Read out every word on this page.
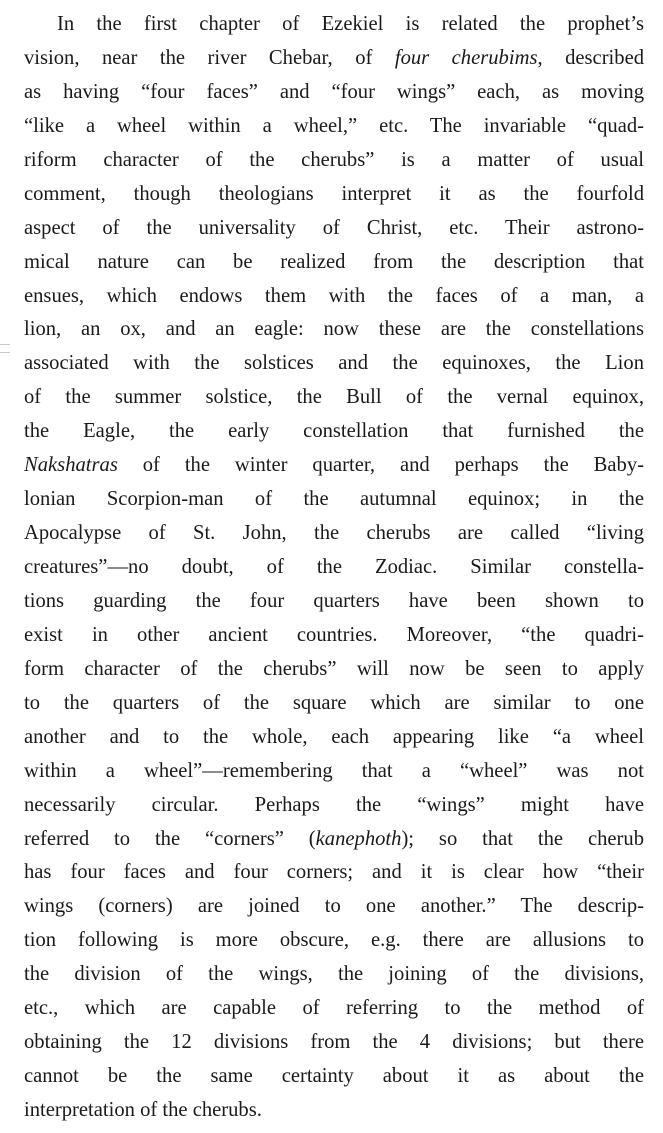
In the first chapter of Ezekiel is related the prophet’s
vision, near the river Chebar, of four cherubims, described
as having “four faces” and “four wings” each, as moving
“like a wheel within a wheel,” etc. The invariable “quad-
riform character of the cherubs” is a matter of usual
comment, though theologians interpret it as the fourfold
aspect of the universality of Christ, etc. Their astrono-
mical nature can be realized from the description that
ensues, which endows them with the faces of a man, a
lion, an ox, and an eagle: now these are the constellations
associated with the solstices and the equinoxes, the Lion
of the summer solstice, the Bull of the vernal equinox,
the Eagle, the early constellation that furnished the
Nakshatras of the winter quarter, and perhaps the Baby-
lonian Scorpion-man of the autumnal equinox; in the
Apocalypse of St. John, the cherubs are called “living
creatures”—no doubt, of the Zodiac. Similar constella-
tions guarding the four quarters have been shown to
exist in other ancient countries. Moreover, “the quadri-
form character of the cherubs” will now be seen to apply
to the quarters of the square which are similar to one
another and to the whole, each appearing like “a wheel
within a wheel”—remembering that a “wheel” was not
necessarily circular. Perhaps the “wings” might have
referred to the “corners” (kanephoth); so that the cherub
has four faces and four corners; and it is clear how “their
wings (corners) are joined to one another.” The descrip-
tion following is more obscure, e.g. there are allusions to
the division of the wings, the joining of the divisions,
etc., which are capable of referring to the method of
obtaining the 12 divisions from the 4 divisions; but there
cannot be the same certainty about it as about the
interpretation of the cherubs.
